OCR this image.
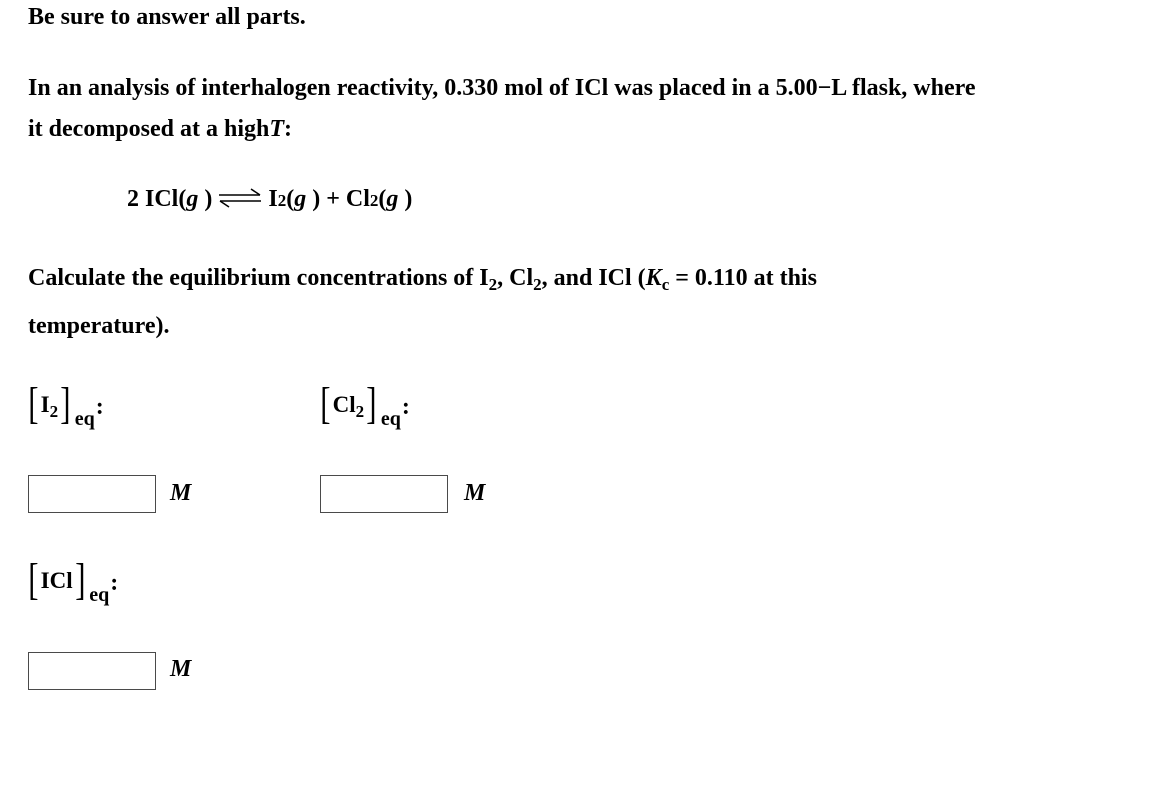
Be sure to answer all parts.
In an analysis of interhalogen reactivity, 0.330 mol of ICl was placed in a 5.00−L flask, where
it decomposed at a highT:
2
ICl( g
) ⇌ I 2 ( g
)
+
Cl 2 ( g
)
Calculate the equilibrium concentrations of $I_2$, $Cl_2$, and ICl ($K_c = 0.110$ at this
temperature).
[ $I_2$ ] eq :
M
[ $Cl_2$ ] eq :
M
[ ICl ] eq :
M
